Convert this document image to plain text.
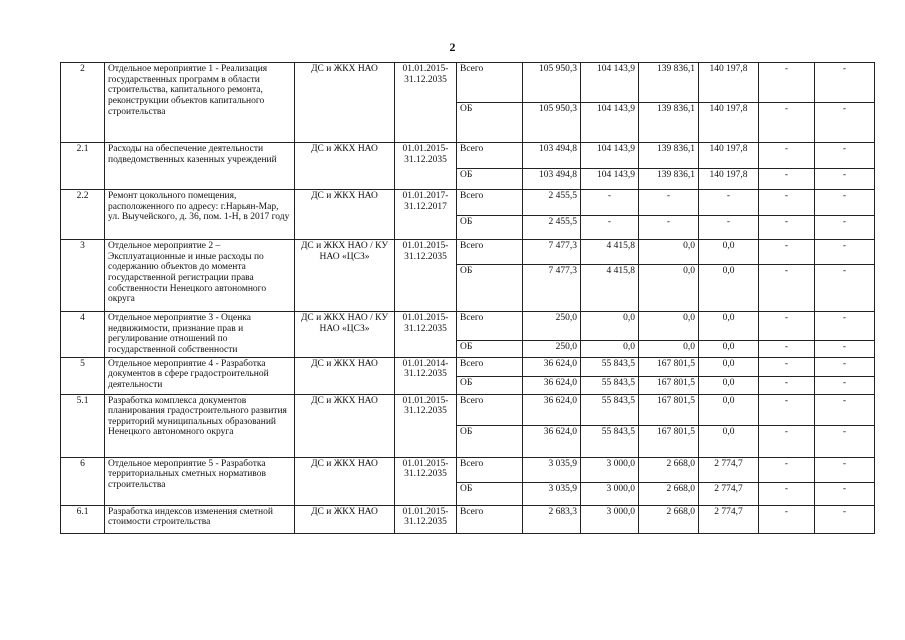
2
2	Отдельное мероприятие 1 - Реализация государственных программ в области строительства, капитального ремонта, реконструкции объектов капитального строительства	ДС и ЖКХ НАО	01.01.2015-31.12.2035	Всего	105 950,3	104 143,9	139 836,1	140 197,8	-	-
				ОБ	105 950,3	104 143,9	139 836,1	140 197,8	-	-
2.1	Расходы на обеспечение деятельности подведомственных казенных учреждений	ДС и ЖКХ НАО	01.01.2015-31.12.2035	Всего	103 494,8	104 143,9	139 836,1	140 197,8	-	-
				ОБ	103 494,8	104 143,9	139 836,1	140 197,8	-	-
2.2	Ремонт цокольного помещения, расположенного по адресу: г.Нарьян-Мар, ул. Выучейского, д. 36, пом. 1-Н, в 2017 году	ДС и ЖКХ НАО	01.01.2017-31.12.2017	Всего	2 455,5	-	-	-	-	-
				ОБ	2 455,5	-	-	-	-	-
3	Отдельное мероприятие 2 – Эксплуатационные и иные расходы по содержанию объектов до момента государственной регистрации права собственности Ненецкого автономного округа	ДС и ЖКХ НАО / КУ НАО «ЦСЗ»	01.01.2015-31.12.2035	Всего	7 477,3	4 415,8	0,0	0,0	-	-
				ОБ	7 477,3	4 415,8	0,0	0,0	-	-
4	Отдельное мероприятие 3 - Оценка недвижимости, признание прав и регулирование отношений по государственной собственности	ДС и ЖКХ НАО / КУ НАО «ЦСЗ»	01.01.2015-31.12.2035	Всего	250,0	0,0	0,0	0,0	-	-
				ОБ	250,0	0,0	0,0	0,0	-	-
5	Отдельное мероприятие 4 - Разработка документов в сфере градостроительной деятельности	ДС и ЖКХ НАО	01.01.2014-31.12.2035	Всего	36 624,0	55 843,5	167 801,5	0,0	-	-
				ОБ	36 624,0	55 843,5	167 801,5	0,0	-	-
5.1	Разработка комплекса документов планирования градостроительного развития территорий муниципальных образований Ненецкого автономного округа	ДС и ЖКХ НАО	01.01.2015-31.12.2035	Всего	36 624,0	55 843,5	167 801,5	0,0	-	-
				ОБ	36 624,0	55 843,5	167 801,5	0,0	-	-
6	Отдельное мероприятие 5 - Разработка территориальных сметных нормативов строительства	ДС и ЖКХ НАО	01.01.2015-31.12.2035	Всего	3 035,9	3 000,0	2 668,0	2 774,7	-	-
				ОБ	3 035,9	3 000,0	2 668,0	2 774,7	-	-
6.1	Разработка индексов изменения сметной стоимости строительства	ДС и ЖКХ НАО	01.01.2015-31.12.2035	Всего	2 683,3	3 000,0	2 668,0	2 774,7	-	-
